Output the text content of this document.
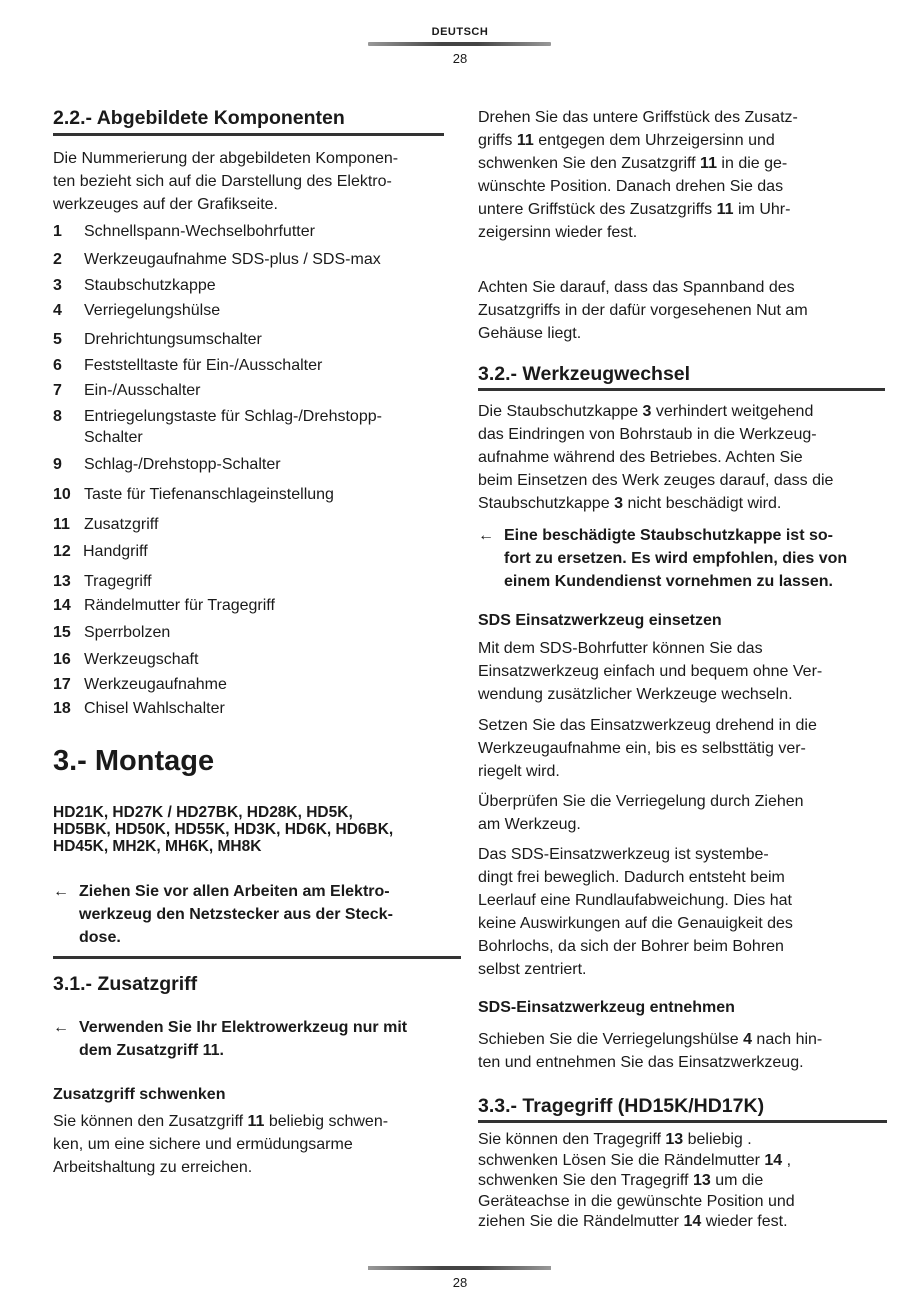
DEUTSCH
28
2.2.- Abgebildete Komponenten
Die Nummerierung der abgebildeten Komponen-
ten bezieht sich auf die Darstellung des Elektro-
werkzeuges auf der Grafikseite.
1	Schnellspann-Wechselbohrfutter
2	Werkzeugaufnahme SDS-plus / SDS-max
3	Staubschutzkappe
4	Verriegelungshülse
5	Drehrichtungsumschalter
6	Feststelltaste für Ein-/Ausschalter
7	Ein-/Ausschalter
8	Entriegelungstaste für Schlag-/Drehstopp-
Schalter
9	Schlag-/Drehstopp-Schalter
10 Taste für Tiefenanschlageinstellung
11 Zusatzgriff
12 Handgriff
13 Tragegriff
14 Rändelmutter für Tragegriff
15 Sperrbolzen
16 Werkzeugschaft
17 Werkzeugaufnahme
18 Chisel Wahlschalter
3.- Montage
HD21K, HD27K / HD27BK, HD28K, HD5K,
HD5BK, HD50K, HD55K, HD3K, HD6K, HD6BK,
HD45K, MH2K, MH6K, MH8K
← Ziehen Sie vor allen Arbeiten am Elektro-
werkzeug den Netzstecker aus der Steck-
dose.
3.1.- Zusatzgriff
← Verwenden Sie Ihr Elektrowerkzeug nur mit
dem Zusatzgriff 11.
Zusatzgriff schwenken
Sie können den Zusatzgriff 11 beliebig schwen-
ken, um eine sichere und ermüdungsarme
Arbeitshaltung zu erreichen.
Drehen Sie das untere Griffstück des Zusatz-
griffs 11 entgegen dem Uhrzeigersinn und
schwenken Sie den Zusatzgriff 11 in die ge-
wünschte Position. Danach drehen Sie das
untere Griffstück des Zusatzgriffs 11 im Uhr-
zeigersinn wieder fest.
Achten Sie darauf, dass das Spannband des
Zusatzgriffs in der dafür vorgesehenen Nut am
Gehäuse liegt.
3.2.- Werkzeugwechsel
Die Staubschutzkappe 3 verhindert weitgehend
das Eindringen von Bohrstaub in die Werkzeug-
aufnahme während des Betriebes. Achten Sie
beim Einsetzen des Werk zeuges darauf, dass die
Staubschutzkappe 3 nicht beschädigt wird.
← Eine beschädigte Staubschutzkappe ist so-
fort zu ersetzen. Es wird empfohlen, dies von
einem Kundendienst vornehmen zu lassen.
SDS Einsatzwerkzeug einsetzen
Mit dem SDS-Bohrfutter können Sie das
Einsatzwerkzeug einfach und bequem ohne Ver-
wendung zusätzlicher Werkzeuge wechseln.
Setzen Sie das Einsatzwerkzeug drehend in die
Werkzeugaufnahme ein, bis es selbsttätig ver-
riegelt wird.
Überprüfen Sie die Verriegelung durch Ziehen
am Werkzeug.
Das SDS-Einsatzwerkzeug ist systembe-
dingt frei beweglich. Dadurch entsteht beim
Leerlauf eine Rundlaufabweichung. Dies hat
keine Auswirkungen auf die Genauigkeit des
Bohrlochs, da sich der Bohrer beim Bohren
selbst zentriert.
SDS-Einsatzwerkzeug entnehmen
Schieben Sie die Verriegelungshülse 4 nach hin-
ten und entnehmen Sie das Einsatzwerkzeug.
3.3.- Tragegriff (HD15K/HD17K)
Sie können den Tragegriff 13 beliebig .
schwenken Lösen Sie die Rändelmutter 14 ,
schwenken Sie den Tragegriff 13 um die
Geräteachse in die gewünschte Position und
ziehen Sie die Rändelmutter 14 wieder fest.
28
